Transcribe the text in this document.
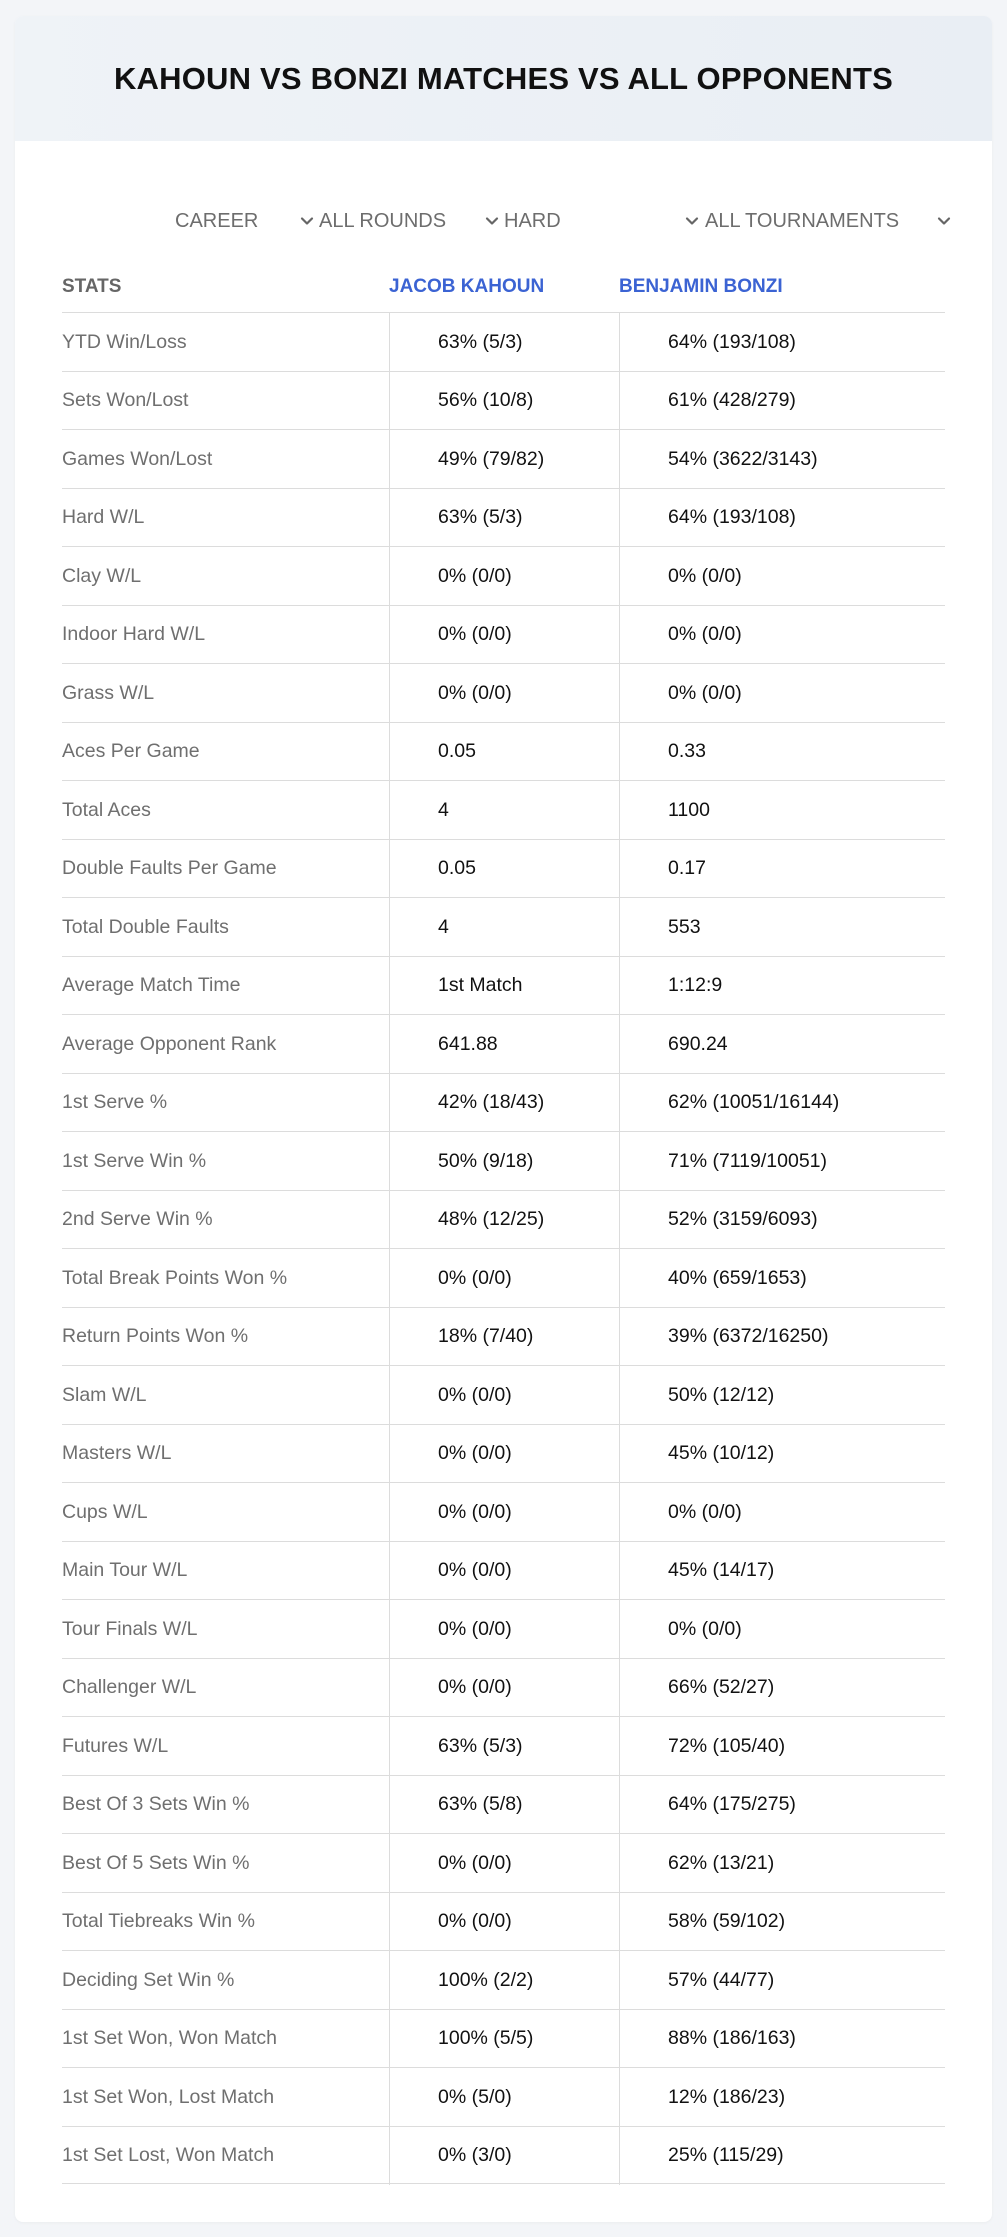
KAHOUN VS BONZI MATCHES VS ALL OPPONENTS
CAREER	ALL ROUNDS	HARD	ALL TOURNAMENTS
STATS	JACOB KAHOUN	BENJAMIN BONZI
YTD Win/Loss	63% (5/3)	64% (193/108)
Sets Won/Lost	56% (10/8)	61% (428/279)
Games Won/Lost	49% (79/82)	54% (3622/3143)
Hard W/L	63% (5/3)	64% (193/108)
Clay W/L	0% (0/0)	0% (0/0)
Indoor Hard W/L	0% (0/0)	0% (0/0)
Grass W/L	0% (0/0)	0% (0/0)
Aces Per Game	0.05	0.33
Total Aces	4	1100
Double Faults Per Game	0.05	0.17
Total Double Faults	4	553
Average Match Time	1st Match	1:12:9
Average Opponent Rank	641.88	690.24
1st Serve %	42% (18/43)	62% (10051/16144)
1st Serve Win %	50% (9/18)	71% (7119/10051)
2nd Serve Win %	48% (12/25)	52% (3159/6093)
Total Break Points Won %	0% (0/0)	40% (659/1653)
Return Points Won %	18% (7/40)	39% (6372/16250)
Slam W/L	0% (0/0)	50% (12/12)
Masters W/L	0% (0/0)	45% (10/12)
Cups W/L	0% (0/0)	0% (0/0)
Main Tour W/L	0% (0/0)	45% (14/17)
Tour Finals W/L	0% (0/0)	0% (0/0)
Challenger W/L	0% (0/0)	66% (52/27)
Futures W/L	63% (5/3)	72% (105/40)
Best Of 3 Sets Win %	63% (5/8)	64% (175/275)
Best Of 5 Sets Win %	0% (0/0)	62% (13/21)
Total Tiebreaks Win %	0% (0/0)	58% (59/102)
Deciding Set Win %	100% (2/2)	57% (44/77)
1st Set Won, Won Match	100% (5/5)	88% (186/163)
1st Set Won, Lost Match	0% (5/0)	12% (186/23)
1st Set Lost, Won Match	0% (3/0)	25% (115/29)
